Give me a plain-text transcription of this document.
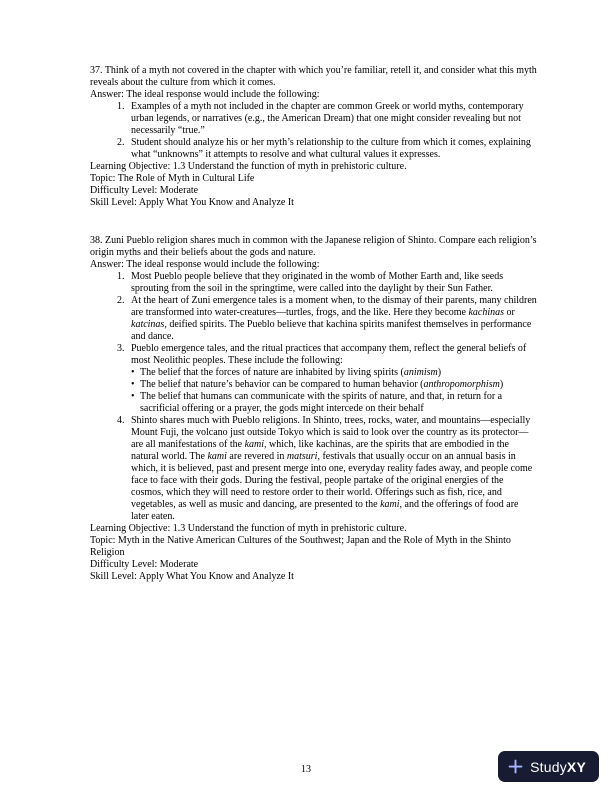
37. Think of a myth not covered in the chapter with which you’re familiar, retell it, and consider what this myth reveals about the culture from which it comes.

Answer: The ideal response would include the following:

1. Examples of a myth not included in the chapter are common Greek or world myths, contemporary urban legends, or narratives (e.g., the American Dream) that one might consider revealing but not necessarily “true.”
2. Student should analyze his or her myth’s relationship to the culture from which it comes, explaining what “unknowns” it attempts to resolve and what cultural values it expresses.

Learning Objective: 1.3 Understand the function of myth in prehistoric culture.

Topic: The Role of Myth in Cultural Life

Difficulty Level: Moderate

Skill Level: Apply What You Know and Analyze It

38. Zuni Pueblo religion shares much in common with the Japanese religion of Shinto. Compare each religion’s origin myths and their beliefs about the gods and nature.

Answer: The ideal response would include the following:

1. Most Pueblo people believe that they originated in the womb of Mother Earth and, like seeds sprouting from the soil in the springtime, were called into the daylight by their Sun Father.
2. At the heart of Zuni emergence tales is a moment when, to the dismay of their parents, many children are transformed into water-creatures—turtles, frogs, and the like. Here they become kachinas or katcinas, deified spirits. The Pueblo believe that kachina spirits manifest themselves in performance and dance.
3. Pueblo emergence tales, and the ritual practices that accompany them, reflect the general beliefs of most Neolithic peoples. These include the following:
• The belief that the forces of nature are inhabited by living spirits (animism)
• The belief that nature’s behavior can be compared to human behavior (anthropomorphism)
• The belief that humans can communicate with the spirits of nature, and that, in return for a sacrificial offering or a prayer, the gods might intercede on their behalf
4. Shinto shares much with Pueblo religions. In Shinto, trees, rocks, water, and mountains—especially Mount Fuji, the volcano just outside Tokyo which is said to look over the country as its protector—are all manifestations of the kami, which, like kachinas, are the spirits that are embodied in the natural world. The kami are revered in matsuri, festivals that usually occur on an annual basis in which, it is believed, past and present merge into one, everyday reality fades away, and people come face to face with their gods. During the festival, people partake of the original energies of the cosmos, which they will need to restore order to their world. Offerings such as fish, rice, and vegetables, as well as music and dancing, are presented to the kami, and the offerings of food are later eaten.

Learning Objective: 1.3 Understand the function of myth in prehistoric culture.

Topic: Myth in the Native American Cultures of the Southwest; Japan and the Role of Myth in the Shinto Religion

Difficulty Level: Moderate

Skill Level: Apply What You Know and Analyze It

13	StudyXY
